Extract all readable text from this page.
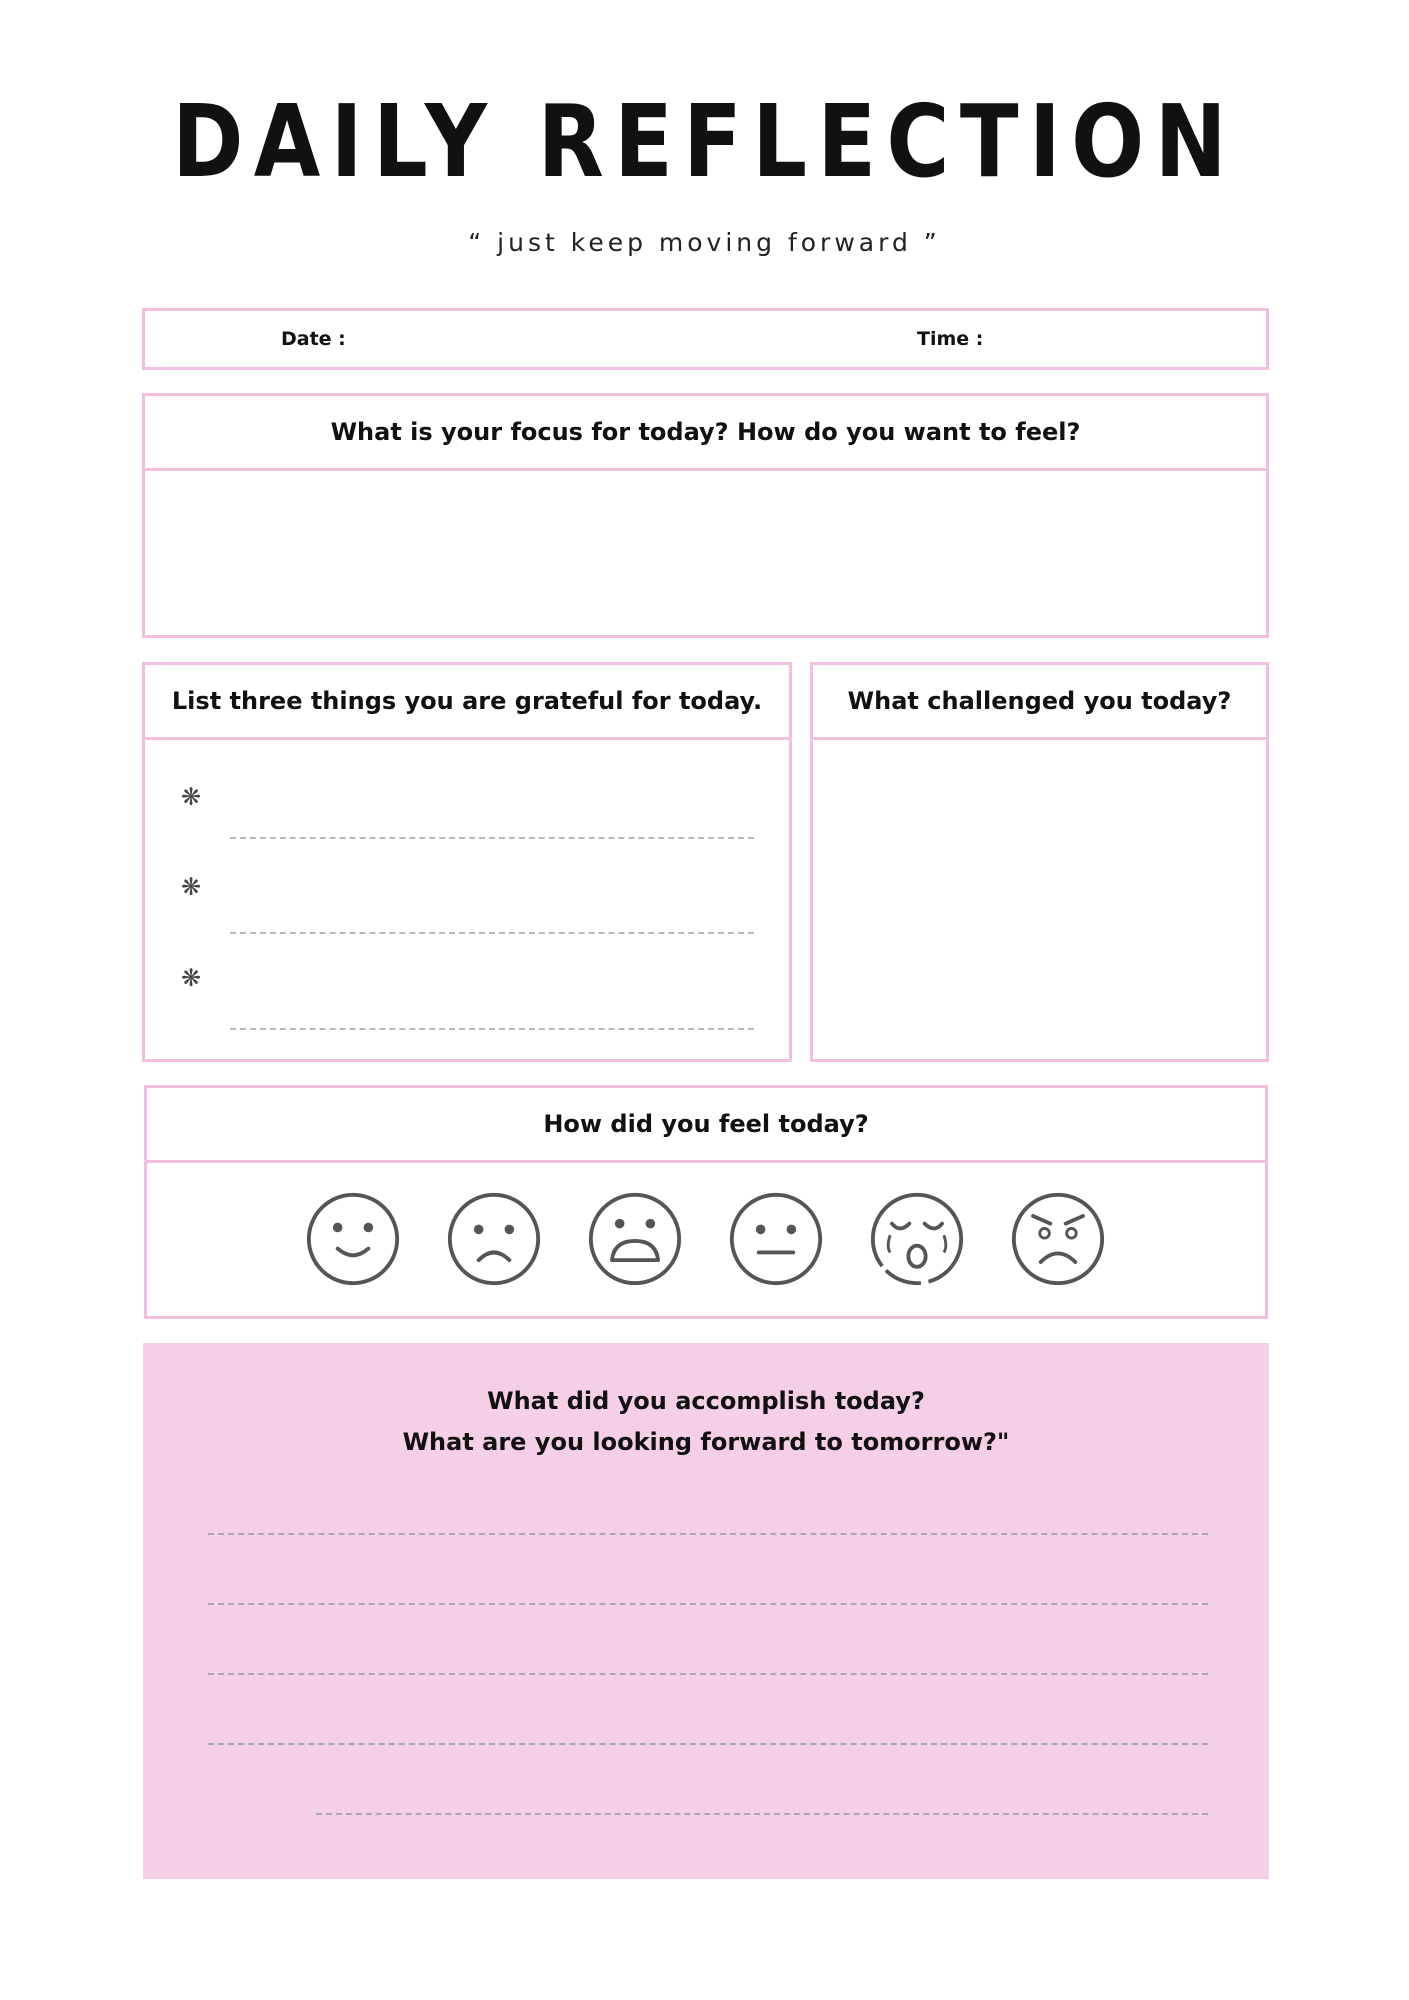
DAILY REFLECTION
“ just keep moving forward ”
Date :	Time :
What is your focus for today? How do you want to feel?
List three things you are grateful for today.
❋
❋
❋
What challenged you today?
How did you feel today?
What did you accomplish today?
What are you looking forward to tomorrow?"
